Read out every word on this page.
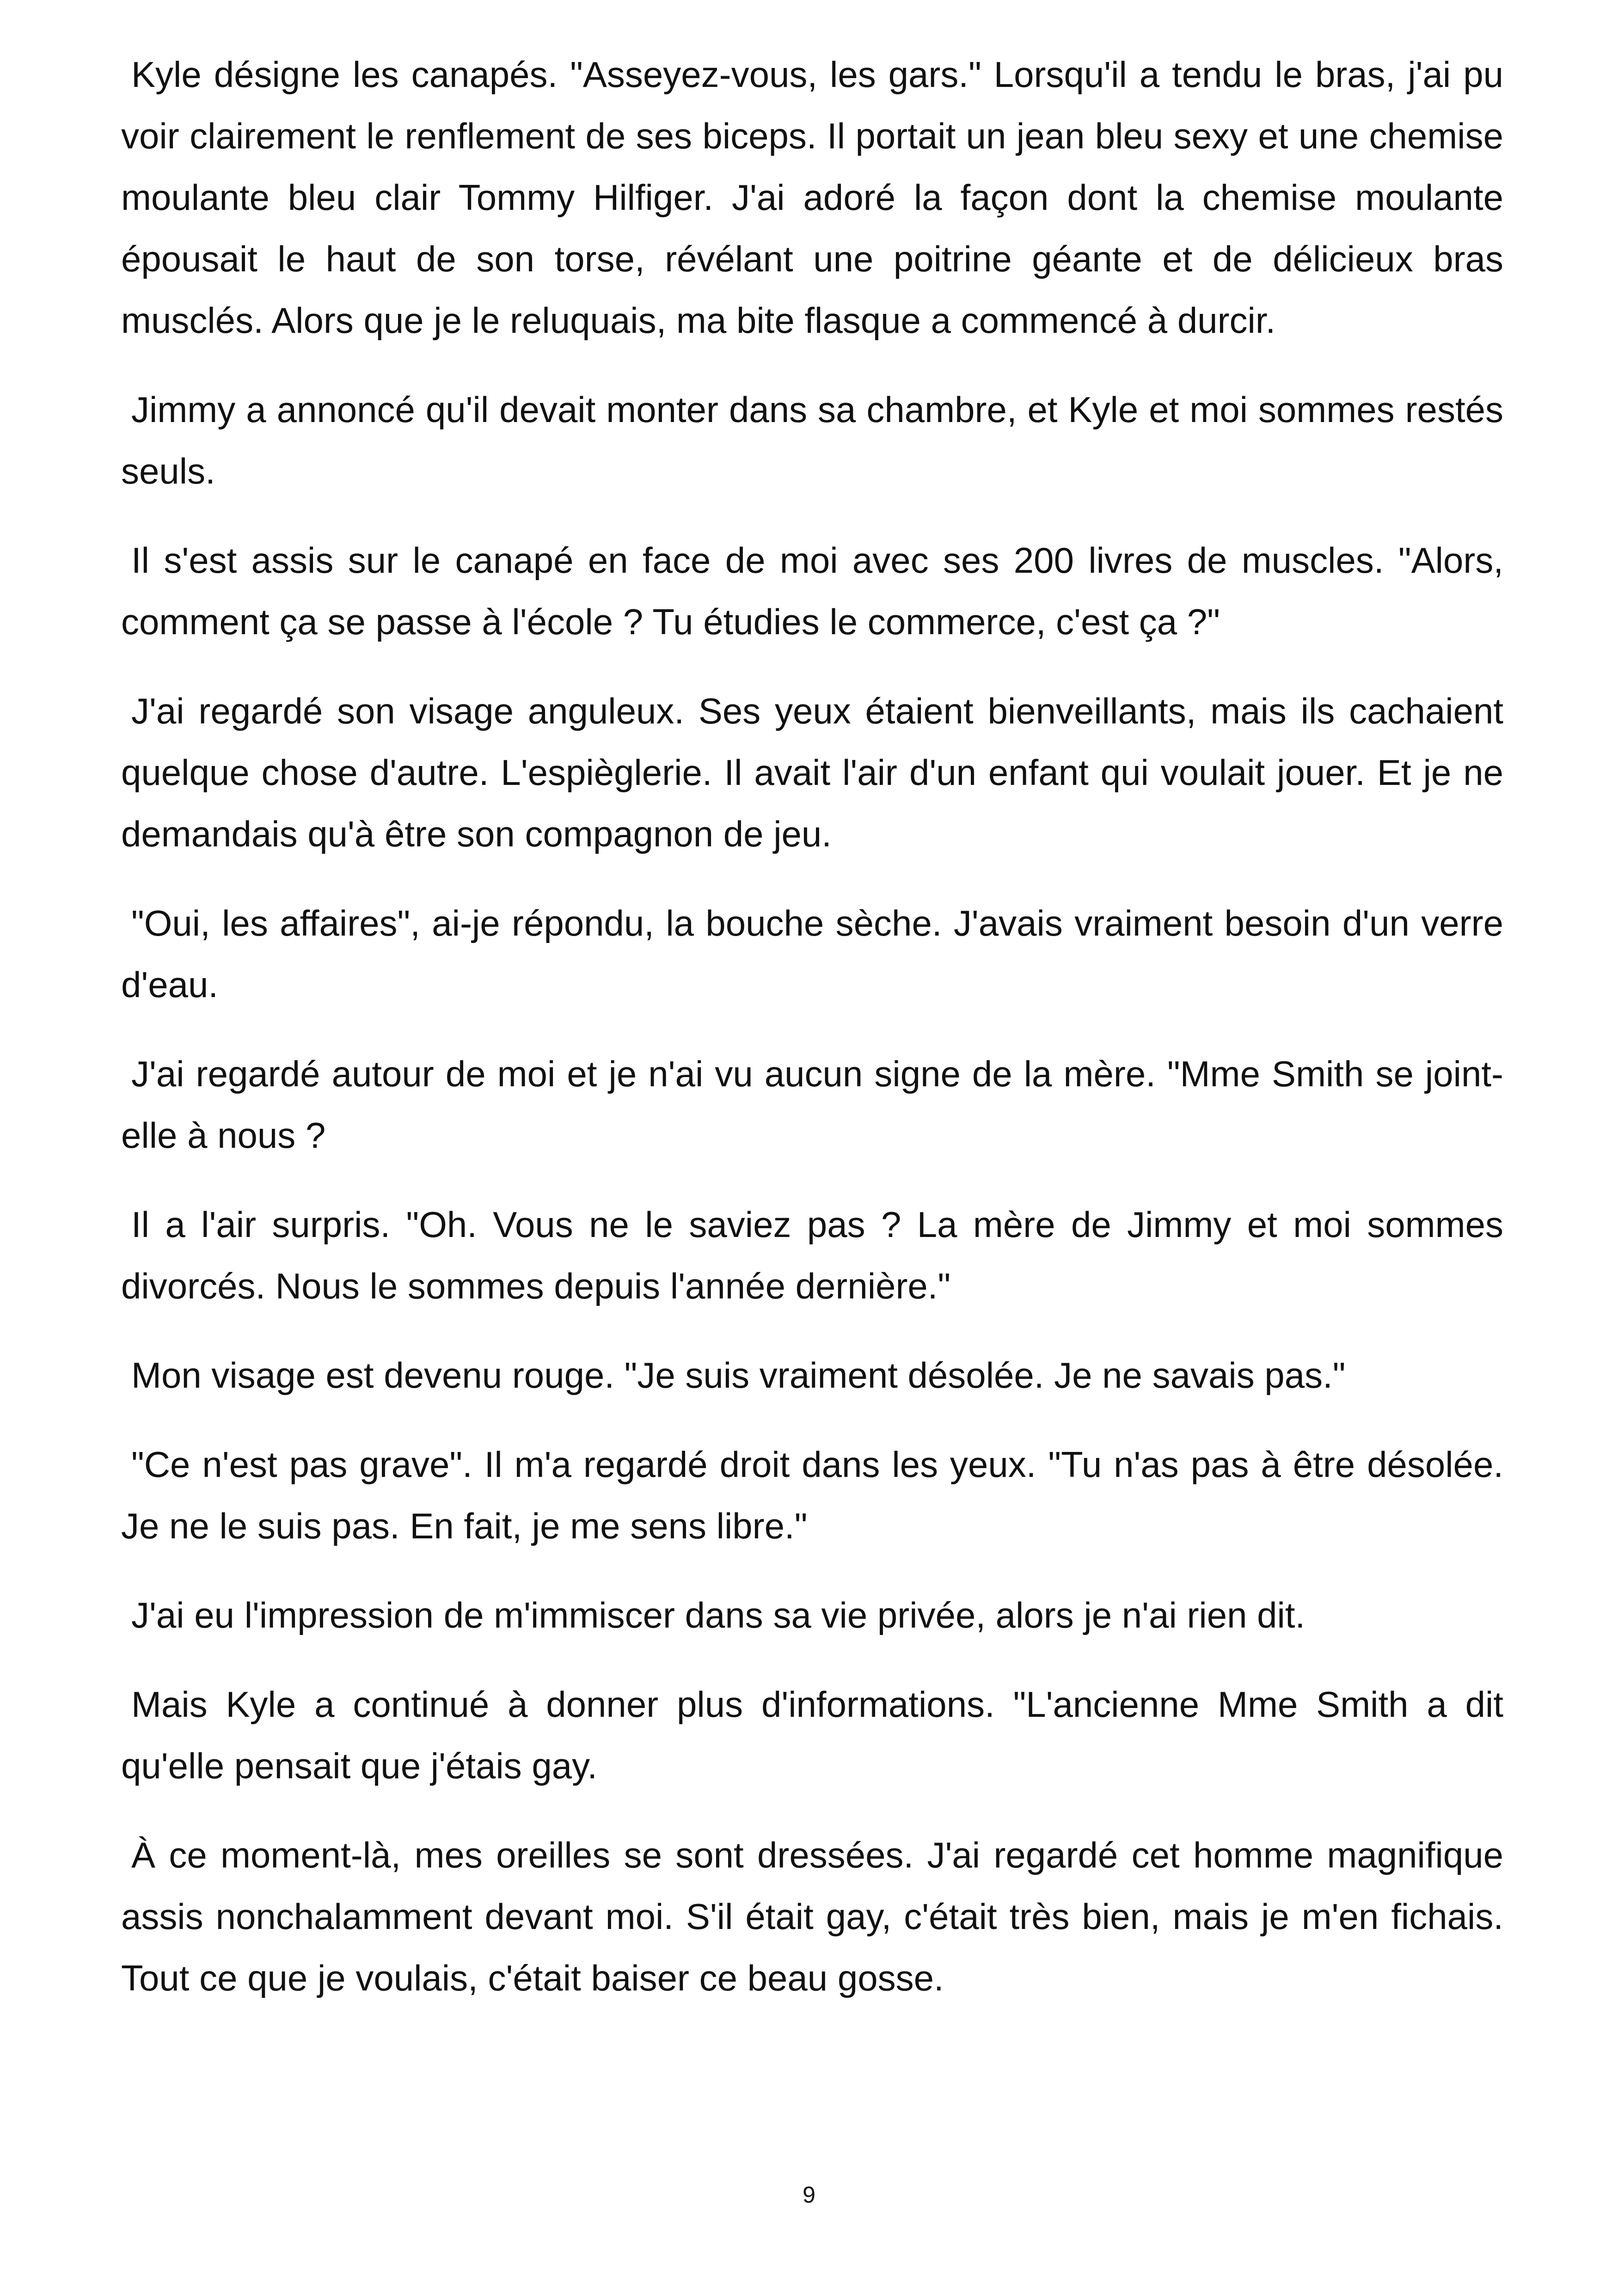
Kyle désigne les canapés. "Asseyez-vous, les gars." Lorsqu'il a tendu le bras, j'ai pu voir clairement le renflement de ses biceps. Il portait un jean bleu sexy et une chemise moulante bleu clair Tommy Hilfiger. J'ai adoré la façon dont la chemise moulante épousait le haut de son torse, révélant une poitrine géante et de délicieux bras musclés. Alors que je le reluquais, ma bite flasque a commencé à durcir.

Jimmy a annoncé qu'il devait monter dans sa chambre, et Kyle et moi sommes restés seuls.

Il s'est assis sur le canapé en face de moi avec ses 200 livres de muscles. "Alors, comment ça se passe à l'école ? Tu étudies le commerce, c'est ça ?"

J'ai regardé son visage anguleux. Ses yeux étaient bienveillants, mais ils cachaient quelque chose d'autre. L'espièglerie. Il avait l'air d'un enfant qui voulait jouer. Et je ne demandais qu'à être son compagnon de jeu.

"Oui, les affaires", ai-je répondu, la bouche sèche. J'avais vraiment besoin d'un verre d'eau.

J'ai regardé autour de moi et je n'ai vu aucun signe de la mère. "Mme Smith se joint-elle à nous ?

Il a l'air surpris. "Oh. Vous ne le saviez pas ? La mère de Jimmy et moi sommes divorcés. Nous le sommes depuis l'année dernière."

Mon visage est devenu rouge. "Je suis vraiment désolée. Je ne savais pas."

"Ce n'est pas grave". Il m'a regardé droit dans les yeux. "Tu n'as pas à être désolée. Je ne le suis pas. En fait, je me sens libre."

J'ai eu l'impression de m'immiscer dans sa vie privée, alors je n'ai rien dit.

Mais Kyle a continué à donner plus d'informations. "L'ancienne Mme Smith a dit qu'elle pensait que j'étais gay.

À ce moment-là, mes oreilles se sont dressées. J'ai regardé cet homme magnifique assis nonchalamment devant moi. S'il était gay, c'était très bien, mais je m'en fichais. Tout ce que je voulais, c'était baiser ce beau gosse.

9
